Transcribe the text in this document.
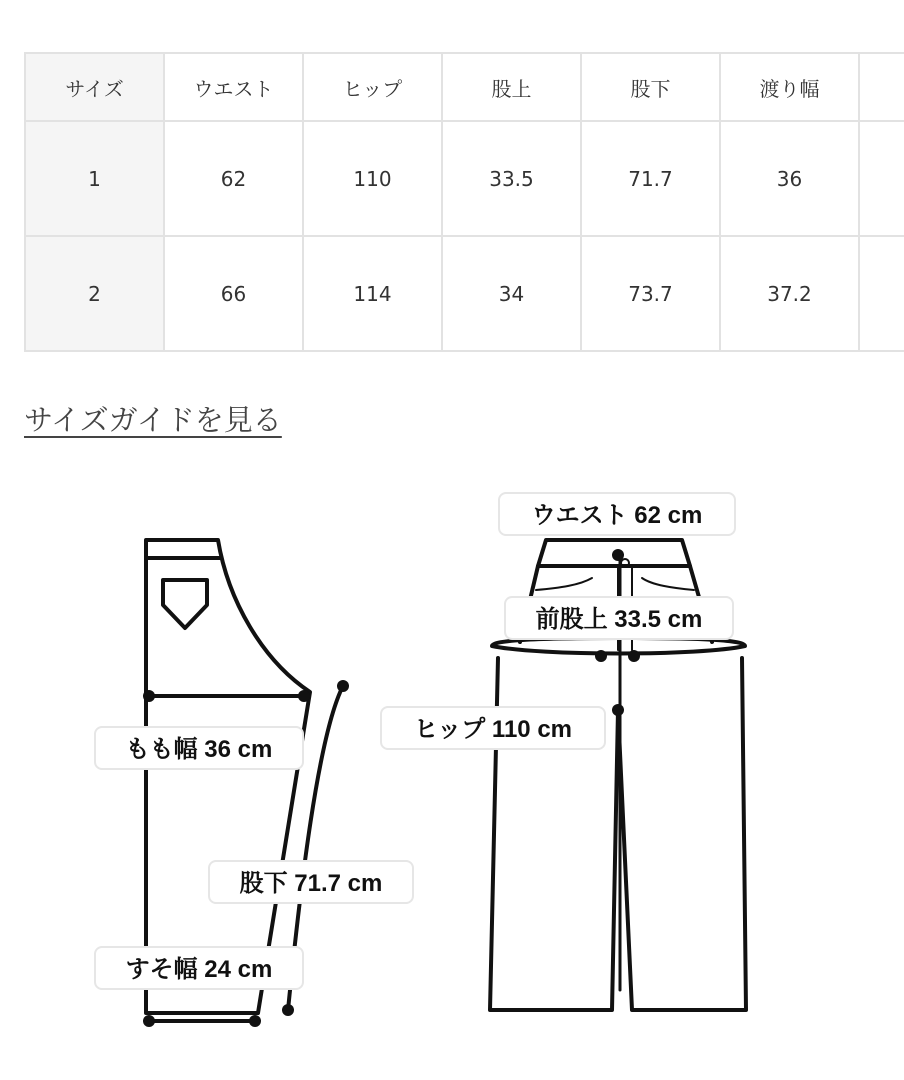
サイズ	ウエスト	ヒップ	股上	股下	渡り幅	
1	62	110	33.5	71.7	36	
2	66	114	34	73.7	37.2	
サイズガイドを見る
ウエスト 62 cm
前股上 33.5 cm
ヒップ 110 cm
もも幅 36 cm
股下 71.7 cm
すそ幅 24 cm
